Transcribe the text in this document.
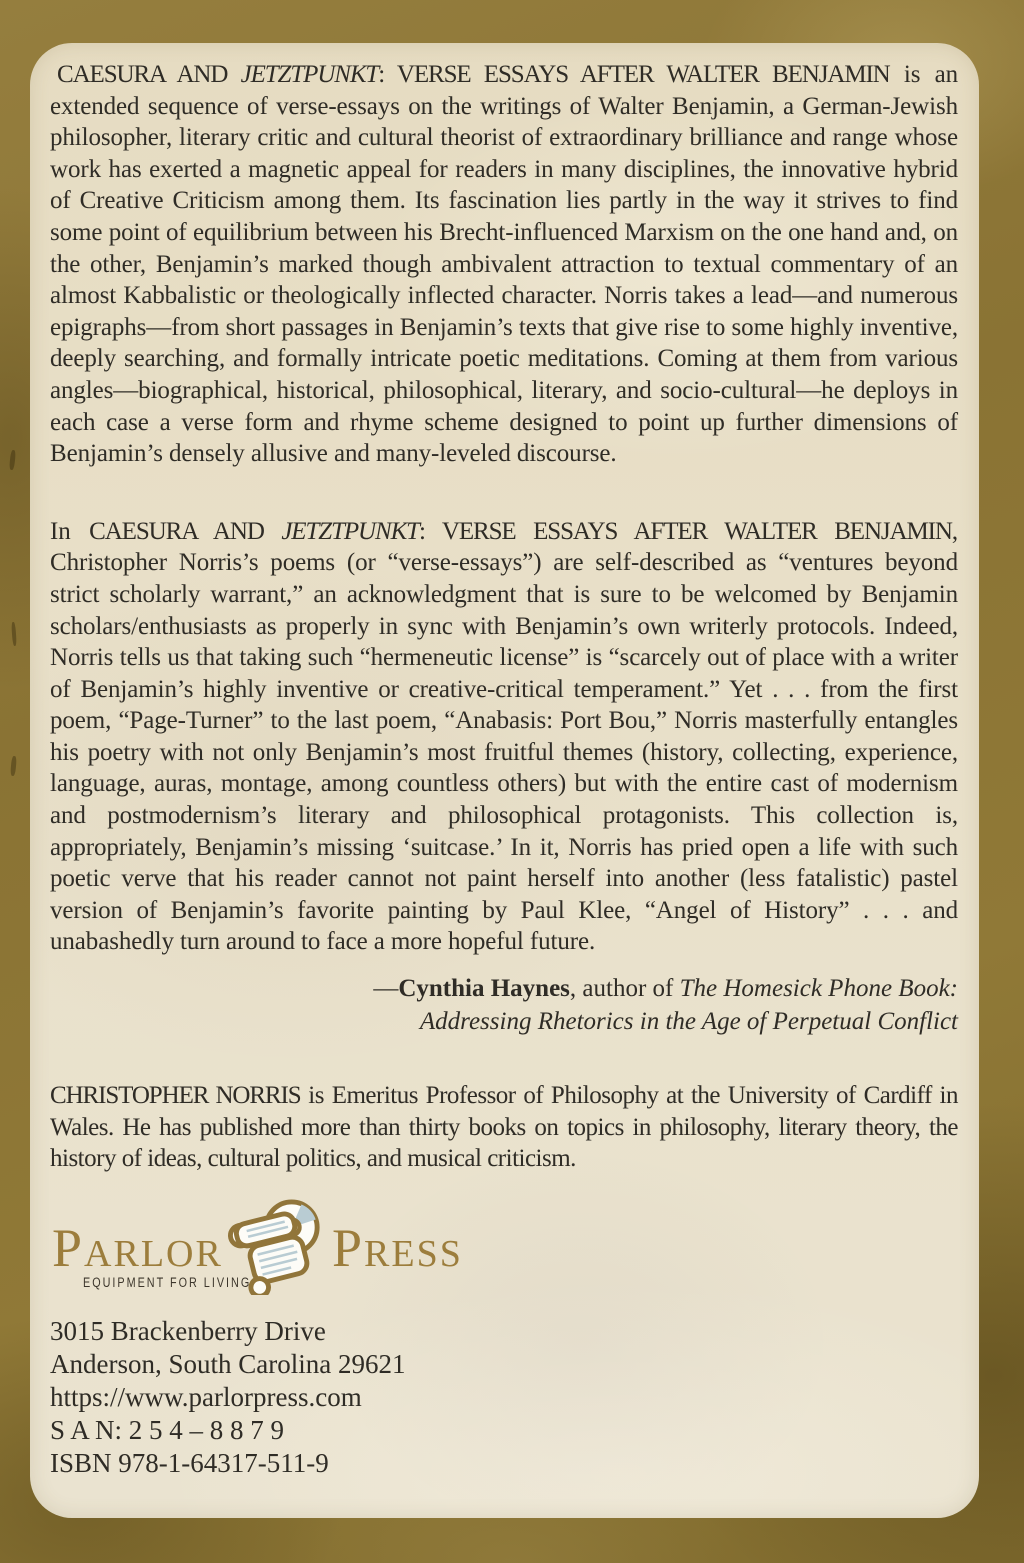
CAESURA AND JETZTPUNKT: VERSE ESSAYS AFTER WALTER BENJAMIN is an extended sequence of verse-essays on the writings of Walter Benjamin, a German-Jewish philosopher, literary critic and cultural theorist of extraordinary brilliance and range whose work has exerted a magnetic appeal for readers in many disciplines, the innovative hybrid of Creative Criticism among them. Its fascination lies partly in the way it strives to find some point of equilibrium between his Brecht-influenced Marxism on the one hand and, on the other, Benjamin’s marked though ambivalent attraction to textual commentary of an almost Kabbalistic or theologically inflected character. Norris takes a lead—and numerous epigraphs—from short passages in Benjamin’s texts that give rise to some highly inventive, deeply searching, and formally intricate poetic meditations. Coming at them from various angles—biographical, historical, philosophical, literary, and socio-cultural—he deploys in each case a verse form and rhyme scheme designed to point up further dimensions of Benjamin’s densely allusive and many-leveled discourse.

In CAESURA AND JETZTPUNKT: VERSE ESSAYS AFTER WALTER BENJAMIN, Christopher Norris’s poems (or “verse-essays”) are self-described as “ventures beyond strict scholarly warrant,” an acknowledgment that is sure to be welcomed by Benjamin scholars/enthusiasts as properly in sync with Benjamin’s own writerly protocols. Indeed, Norris tells us that taking such “hermeneutic license” is “scarcely out of place with a writer of Benjamin’s highly inventive or creative-critical temperament.” Yet . . . from the first poem, “Page-Turner” to the last poem, “Anabasis: Port Bou,” Norris masterfully entangles his poetry with not only Benjamin’s most fruitful themes (history, collecting, experience, language, auras, montage, among countless others) but with the entire cast of modernism and postmodernism’s literary and philosophical protagonists. This collection is, appropriately, Benjamin’s missing ‘suitcase.’ In it, Norris has pried open a life with such poetic verve that his reader cannot not paint herself into another (less fatalistic) pastel version of Benjamin’s favorite painting by Paul Klee, “Angel of History” . . . and unabashedly turn around to face a more hopeful future.

—Cynthia Haynes, author of The Homesick Phone Book:
Addressing Rhetorics in the Age of Perpetual Conflict

CHRISTOPHER NORRIS is Emeritus Professor of Philosophy at the University of Cardiff in Wales. He has published more than thirty books on topics in philosophy, literary theory, the history of ideas, cultural politics, and musical criticism.

Parlor Press
EQUIPMENT FOR LIVING
3015 Brackenberry Drive
Anderson, South Carolina 29621
https://www.parlorpress.com
S A N: 2 5 4 – 8 8 7 9
ISBN 978-1-64317-511-9
